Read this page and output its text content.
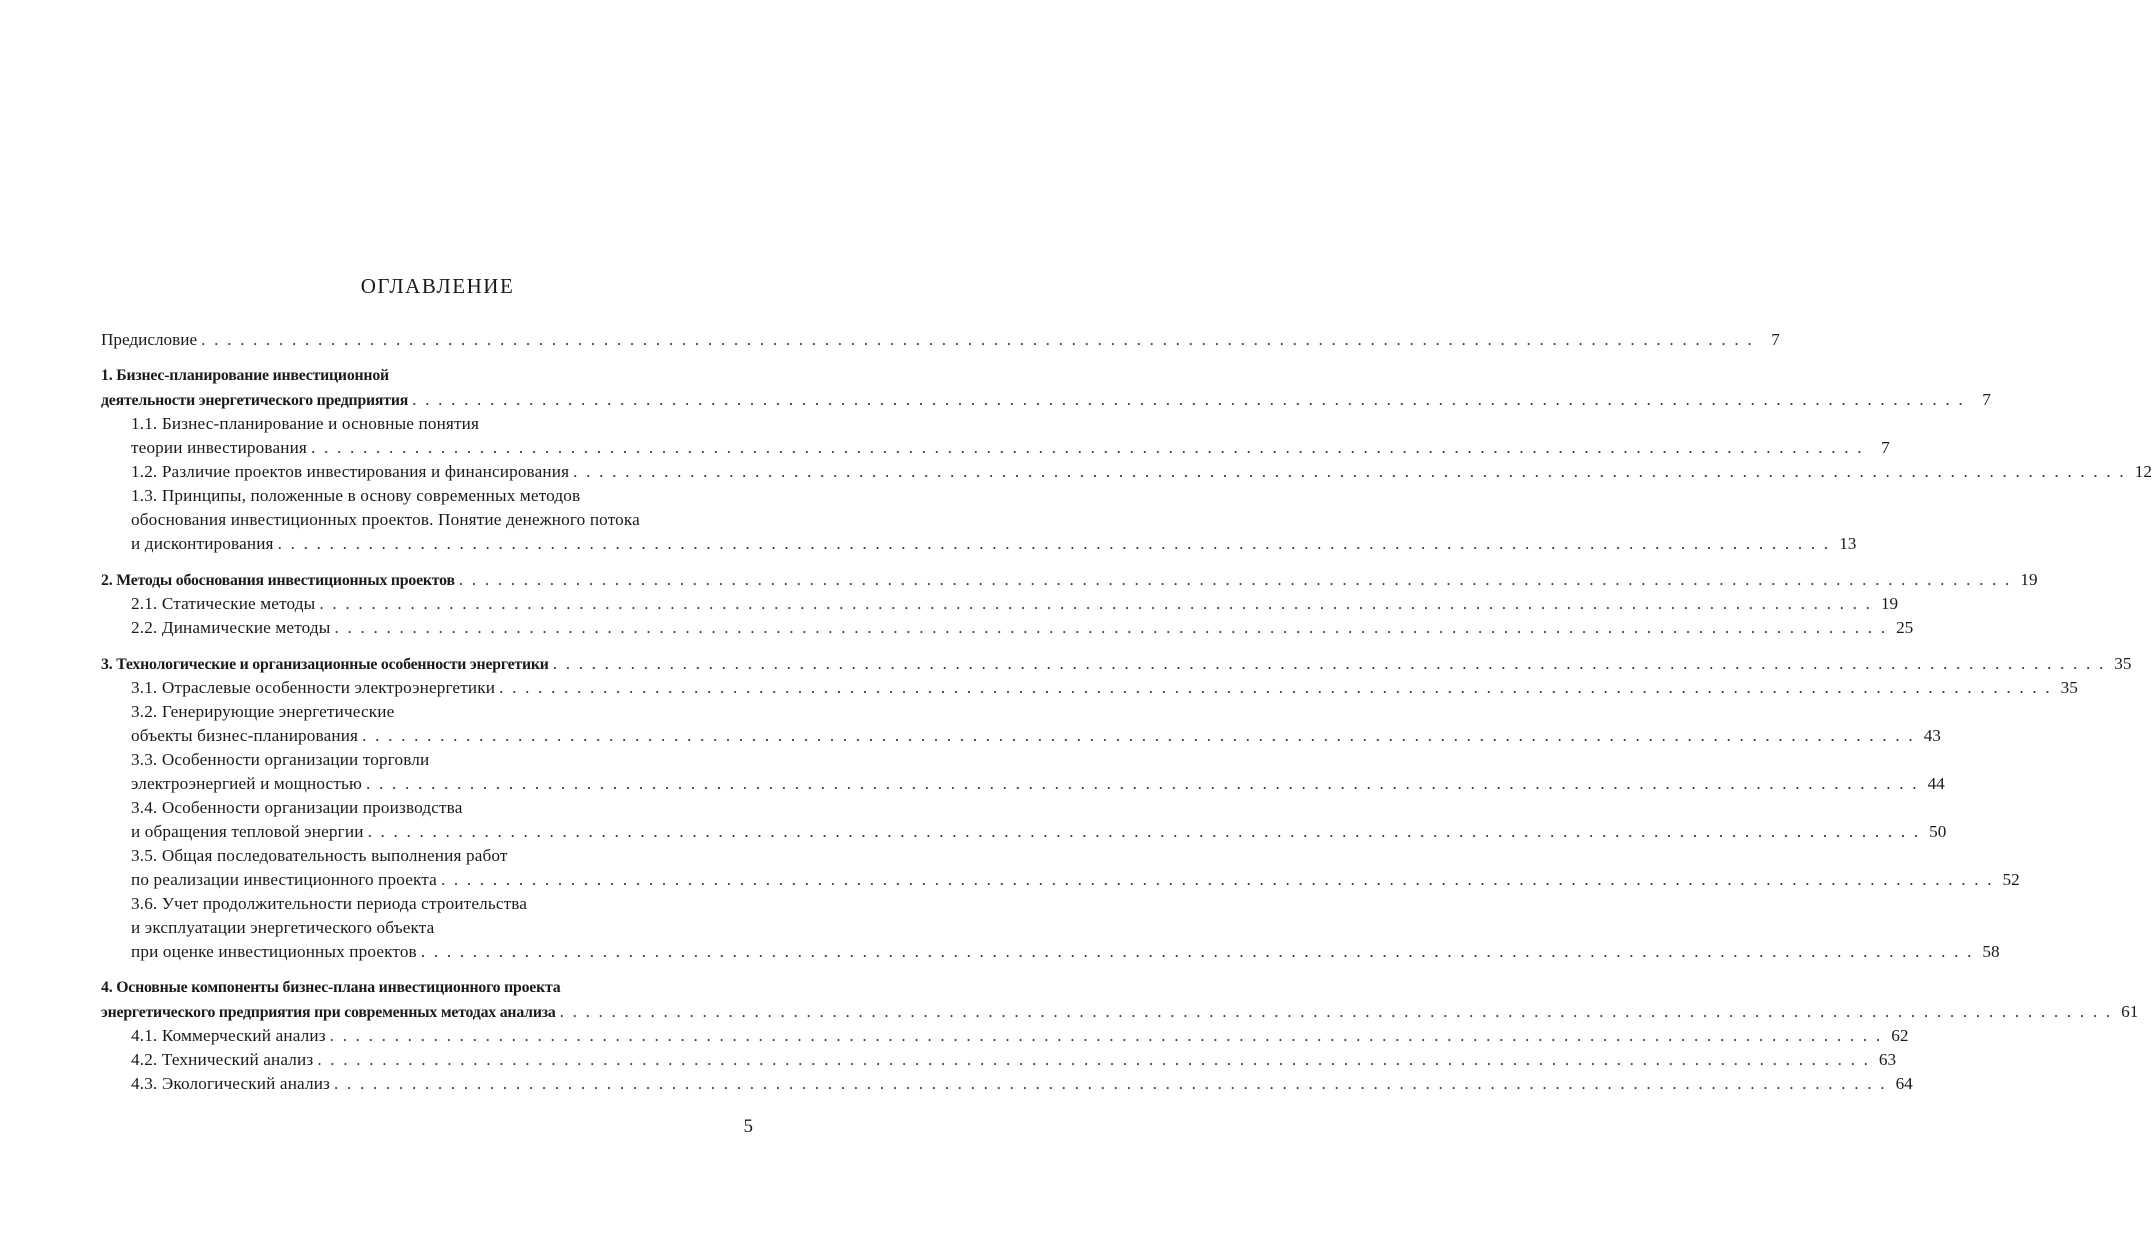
ОГЛАВЛЕНИЕ
Предисловие . . . . . . . . . . . . . . . . . . . . . . . . . . . . . . . . . . . . . . . . . . . . . . . . . . . . . . . . . . . . . . . . . . . . . . . . . . . . . . . . . . . . . . . . . . . . . . . . . . . . . . . . . . . . . . . . . . . . . . . .	7
1. Бизнес-планирование инвестиционной
деятельности энергетического предприятия . . . . . . . . . . . . . . . . . . . . . . . . . . . . . . . . . . . . . . . . . . . . . . . . . . . . . . . . . . . . . . . . . . . . . . . . . . . . . . . . . . . . . . . . . . . . . . . . . . . . . . . . . . . . . . . . . . . . . . . .	7
1.1. Бизнес-планирование и основные понятия
теории инвестирования . . . . . . . . . . . . . . . . . . . . . . . . . . . . . . . . . . . . . . . . . . . . . . . . . . . . . . . . . . . . . . . . . . . . . . . . . . . . . . . . . . . . . . . . . . . . . . . . . . . . . . . . . . . . . . . . . . . . . . . .	7
1.2. Различие проектов инвестирования и финансирования . . . . . . . . . . . . . . . . . . . . . . . . . . . . . . . . . . . . . . . . . . . . . . . . . . . . . . . . . . . . . . . . . . . . . . . . . . . . . . . . . . . . . . . . . . . . . . . . . . . . . . . . . . . . . . . . . . . . . . . . 12
1.3. Принципы, положенные в основу современных методов
обоснования инвестиционных проектов. Понятие денежного потока
и дисконтирования . . . . . . . . . . . . . . . . . . . . . . . . . . . . . . . . . . . . . . . . . . . . . . . . . . . . . . . . . . . . . . . . . . . . . . . . . . . . . . . . . . . . . . . . . . . . . . . . . . . . . . . . . . . . . . . . . . . . . . . . 13
2. Методы обоснования инвестиционных проектов . . . . . . . . . . . . . . . . . . . . . . . . . . . . . . . . . . . . . . . . . . . . . . . . . . . . . . . . . . . . . . . . . . . . . . . . . . . . . . . . . . . . . . . . . . . . . . . . . . . . . . . . . . . . . . . . . . . . . . . . 19
2.1. Статические методы . . . . . . . . . . . . . . . . . . . . . . . . . . . . . . . . . . . . . . . . . . . . . . . . . . . . . . . . . . . . . . . . . . . . . . . . . . . . . . . . . . . . . . . . . . . . . . . . . . . . . . . . . . . . . . . . . . . . . . . . 19
2.2. Динамические методы . . . . . . . . . . . . . . . . . . . . . . . . . . . . . . . . . . . . . . . . . . . . . . . . . . . . . . . . . . . . . . . . . . . . . . . . . . . . . . . . . . . . . . . . . . . . . . . . . . . . . . . . . . . . . . . . . . . . . . . . 25
3. Технологические и организационные особенности энергетики . . . . . . . . . . . . . . . . . . . . . . . . . . . . . . . . . . . . . . . . . . . . . . . . . . . . . . . . . . . . . . . . . . . . . . . . . . . . . . . . . . . . . . . . . . . . . . . . . . . . . . . . . . . . . . . . . . . . . . . . 35
3.1. Отраслевые особенности электроэнергетики . . . . . . . . . . . . . . . . . . . . . . . . . . . . . . . . . . . . . . . . . . . . . . . . . . . . . . . . . . . . . . . . . . . . . . . . . . . . . . . . . . . . . . . . . . . . . . . . . . . . . . . . . . . . . . . . . . . . . . . . 35
3.2. Генерирующие энергетические
объекты бизнес-планирования . . . . . . . . . . . . . . . . . . . . . . . . . . . . . . . . . . . . . . . . . . . . . . . . . . . . . . . . . . . . . . . . . . . . . . . . . . . . . . . . . . . . . . . . . . . . . . . . . . . . . . . . . . . . . . . . . . . . . . . . 43
3.3. Особенности организации торговли
электроэнергией и мощностью . . . . . . . . . . . . . . . . . . . . . . . . . . . . . . . . . . . . . . . . . . . . . . . . . . . . . . . . . . . . . . . . . . . . . . . . . . . . . . . . . . . . . . . . . . . . . . . . . . . . . . . . . . . . . . . . . . . . . . . . 44
3.4. Особенности организации производства
и обращения тепловой энергии . . . . . . . . . . . . . . . . . . . . . . . . . . . . . . . . . . . . . . . . . . . . . . . . . . . . . . . . . . . . . . . . . . . . . . . . . . . . . . . . . . . . . . . . . . . . . . . . . . . . . . . . . . . . . . . . . . . . . . . . 50
3.5. Общая последовательность выполнения работ
по реализации инвестиционного проекта . . . . . . . . . . . . . . . . . . . . . . . . . . . . . . . . . . . . . . . . . . . . . . . . . . . . . . . . . . . . . . . . . . . . . . . . . . . . . . . . . . . . . . . . . . . . . . . . . . . . . . . . . . . . . . . . . . . . . . . . 52
3.6. Учет продолжительности периода строительства
и эксплуатации энергетического объекта
при оценке инвестиционных проектов . . . . . . . . . . . . . . . . . . . . . . . . . . . . . . . . . . . . . . . . . . . . . . . . . . . . . . . . . . . . . . . . . . . . . . . . . . . . . . . . . . . . . . . . . . . . . . . . . . . . . . . . . . . . . . . . . . . . . . . . 58
4. Основные компоненты бизнес-плана инвестиционного проекта
энергетического предприятия при современных методах анализа . . . . . . . . . . . . . . . . . . . . . . . . . . . . . . . . . . . . . . . . . . . . . . . . . . . . . . . . . . . . . . . . . . . . . . . . . . . . . . . . . . . . . . . . . . . . . . . . . . . . . . . . . . . . . . . . . . . . . . . . 61
4.1. Коммерческий анализ . . . . . . . . . . . . . . . . . . . . . . . . . . . . . . . . . . . . . . . . . . . . . . . . . . . . . . . . . . . . . . . . . . . . . . . . . . . . . . . . . . . . . . . . . . . . . . . . . . . . . . . . . . . . . . . . . . . . . . . . 62
4.2. Технический анализ . . . . . . . . . . . . . . . . . . . . . . . . . . . . . . . . . . . . . . . . . . . . . . . . . . . . . . . . . . . . . . . . . . . . . . . . . . . . . . . . . . . . . . . . . . . . . . . . . . . . . . . . . . . . . . . . . . . . . . . . 63
4.3. Экологический анализ . . . . . . . . . . . . . . . . . . . . . . . . . . . . . . . . . . . . . . . . . . . . . . . . . . . . . . . . . . . . . . . . . . . . . . . . . . . . . . . . . . . . . . . . . . . . . . . . . . . . . . . . . . . . . . . . . . . . . . . . 64
5
